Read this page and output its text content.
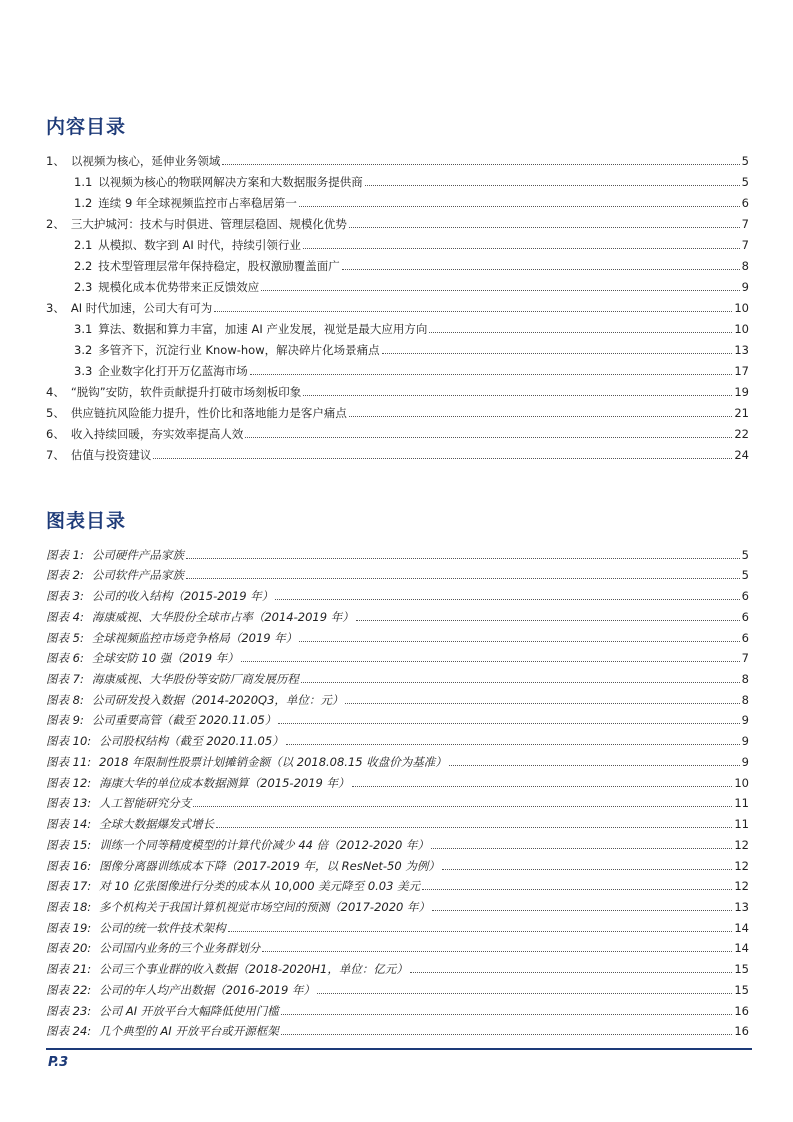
内容目录
1、 以视频为核心，延伸业务领域	5
1.1 以视频为核心的物联网解决方案和大数据服务提供商	5
1.2 连续 9 年全球视频监控市占率稳居第一	6
2、 三大护城河：技术与时俱进、管理层稳固、规模化优势	7
2.1 从模拟、数字到 AI 时代，持续引领行业	7
2.2 技术型管理层常年保持稳定，股权激励覆盖面广	8
2.3 规模化成本优势带来正反馈效应	9
3、 AI 时代加速，公司大有可为	10
3.1 算法、数据和算力丰富，加速 AI 产业发展，视觉是最大应用方向	10
3.2 多管齐下，沉淀行业 Know-how，解决碎片化场景痛点	13
3.3 企业数字化打开万亿蓝海市场	17
4、 “脱钩”安防，软件贡献提升打破市场刻板印象	19
5、 供应链抗风险能力提升，性价比和落地能力是客户痛点	21
6、 收入持续回暖，夯实效率提高人效	22
7、 估值与投资建议	24
图表目录
图表 1: 公司硬件产品家族	5
图表 2: 公司软件产品家族	5
图表 3: 公司的收入结构（2015-2019 年）	6
图表 4: 海康威视、大华股份全球市占率（2014-2019 年）	6
图表 5: 全球视频监控市场竞争格局（2019 年）	6
图表 6: 全球安防 10 强（2019 年）	7
图表 7: 海康威视、大华股份等安防厂商发展历程	8
图表 8: 公司研发投入数据（2014-2020Q3，单位：元）	8
图表 9: 公司重要高管（截至 2020.11.05）	9
图表 10: 公司股权结构（截至 2020.11.05）	9
图表 11: 2018 年限制性股票计划摊销金额（以 2018.08.15 收盘价为基准）	9
图表 12: 海康大华的单位成本数据测算（2015-2019 年）	10
图表 13: 人工智能研究分支	11
图表 14: 全球大数据爆发式增长	11
图表 15: 训练一个同等精度模型的计算代价减少 44 倍（2012-2020 年）	12
图表 16: 图像分离器训练成本下降（2017-2019 年，以 ResNet-50 为例）	12
图表 17: 对 10 亿张图像进行分类的成本从 10,000 美元降至 0.03 美元	12
图表 18: 多个机构关于我国计算机视觉市场空间的预测（2017-2020 年）	13
图表 19: 公司的统一软件技术架构	14
图表 20: 公司国内业务的三个业务群划分	14
图表 21: 公司三个事业群的收入数据（2018-2020H1，单位：亿元）	15
图表 22: 公司的年人均产出数据（2016-2019 年）	15
图表 23: 公司 AI 开放平台大幅降低使用门槛	16
图表 24: 几个典型的 AI 开放平台或开源框架	16
P.3
